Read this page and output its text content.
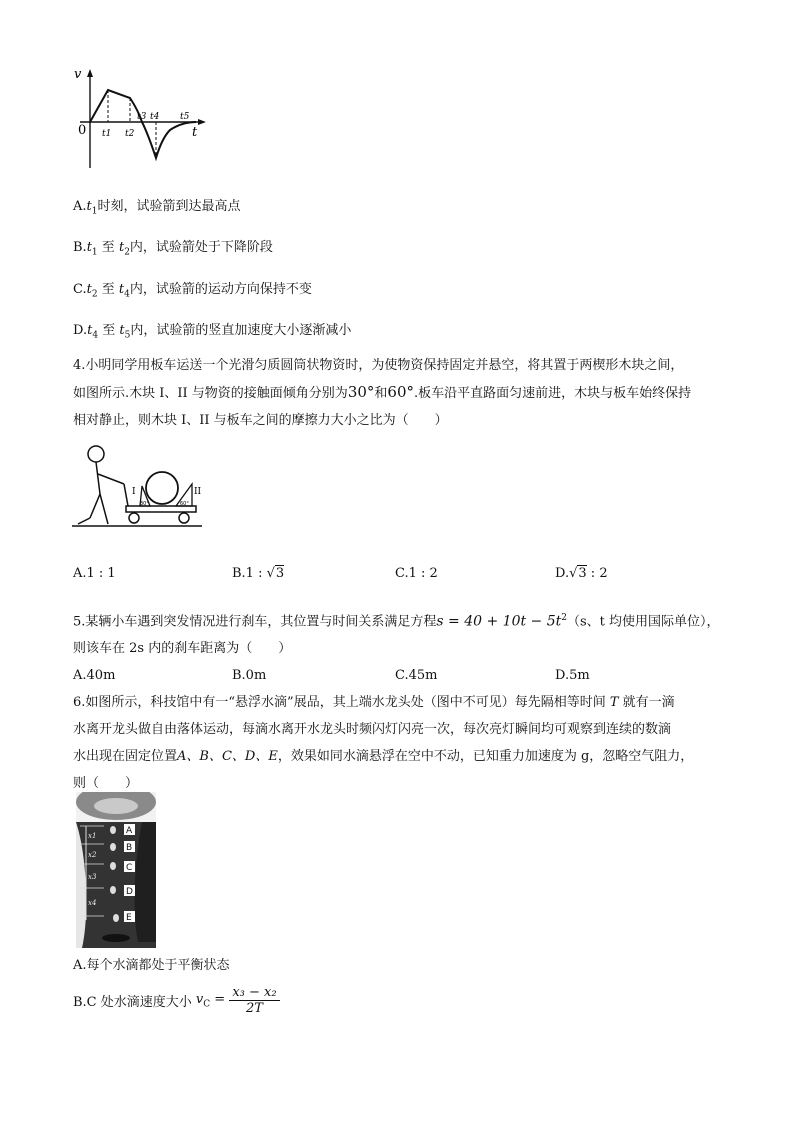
v
t
0 t1 t2
t3 t4 t5
$A.t_1$时刻，试验箭到达最高点
$B.t_1$ 至 $t_2$内，试验箭处于下降阶段
$C.t_2$ 至 $t_4$内，试验箭的运动方向保持不变
$D.t_4$ 至 $t_5$内，试验箭的竖直加速度大小逐渐减小
4.小明同学用板车运送一个光滑匀质圆筒状物资时，为使物资保持固定并悬空，将其置于两楔形木块之间，
如图所示.木块 I、II 与物资的接触面倾角分别为30°和60°.板车沿平直路面匀速前进，木块与板车始终保持
相对静止，则木块 I、II 与板车之间的摩擦力大小之比为（　　）
I	II
30°	60°
A.1 : 1	B.1 : √3	C.1 : 2	D.√3 : 2
5.某辆小车遇到突发情况进行刹车，其位置与时间关系满足方程$s = 40 + 10t - 5t^2(s$、t 均使用国际单位），
则该车在 2s 内的刹车距离为（　　）
A.40m	B.0m	C.45m	D.5m
6.如图所示，科技馆中有一“悬浮水滴”展品，其上端水龙头处（图中不可见）每先隔相等时间 T 就有一滴
水离开龙头做自由落体运动，每滴水离开水龙头时频闪灯闪亮一次，每次亮灯瞬间均可观察到连续的数滴
水出现在固定位置A、B、C、D、E，效果如同水滴悬浮在空中不动，已知重力加速度为 g，忽略空气阻力，
则（　　）
A
B
C
D
E
x1
x2
x3
x4
A.每个水滴都处于平衡状态
B.C 处水滴速度大小 $v_C = \frac{\text{x₃ − x₂}}{2T}$
